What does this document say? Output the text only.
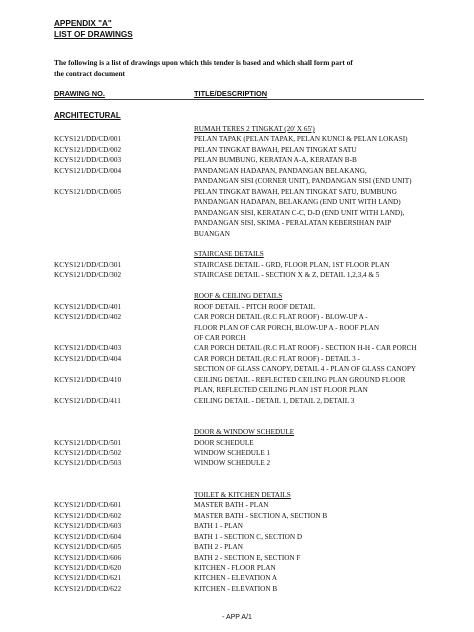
APPENDIX "A"
LIST OF DRAWINGS
The following is a list of drawings upon which this tender is based and which shall form part of the contract document
DRAWING NO.	TITLE/DESCRIPTION
ARCHITECTURAL
RUMAH TERES 2 TINGKAT (20' X 65')
KCYS121/DD/CD/001	PELAN TAPAK (PELAN TAPAK, PELAN KUNCI & PELAN LOKASI)
KCYS121/DD/CD/002	PELAN TINGKAT BAWAH, PELAN TINGKAT SATU
KCYS121/DD/CD/003	PELAN BUMBUNG, KERATAN A-A, KERATAN B-B
KCYS121/DD/CD/004	PANDANGAN HADAPAN, PANDANGAN BELAKANG,
PANDANGAN SISI (CORNER UNIT), PANDANGAN SISI (END UNIT)
KCYS121/DD/CD/005	PELAN TINGKAT BAWAH, PELAN TINGKAT SATU, BUMBUNG
PANDANGAN HADAPAN, BELAKANG (END UNIT WITH LAND)
PANDANGAN SISI, KERATAN C-C, D-D (END UNIT WITH LAND),
PANDANGAN SISI, SKIMA - PERALATAN KEBERSIHAN PAIP
BUANGAN
STAIRCASE DETAILS
KCYS121/DD/CD/301	STAIRCASE DETAIL - GRD, FLOOR PLAN, 1ST FLOOR PLAN
KCYS121/DD/CD/302	STAIRCASE DETAIL - SECTION X & Z, DETAIL 1,2,3,4 & 5
ROOF & CEILING DETAILS
KCYS121/DD/CD/401	ROOF DETAIL - PITCH ROOF DETAIL
KCYS121/DD/CD/402	CAR PORCH DETAIL (R.C FLAT ROOF) - BLOW-UP A -
FLOOR PLAN OF CAR PORCH, BLOW-UP A - ROOF PLAN
OF CAR PORCH
KCYS121/DD/CD/403	CAR PORCH DETAIL (R.C FLAT ROOF) - SECTION H-H - CAR PORCH
KCYS121/DD/CD/404	CAR PORCH DETAIL (R.C FLAT ROOF) - DETAIL 3 -
SECTION OF GLASS CANOPY, DETAIL 4 - PLAN OF GLASS CANOPY
KCYS121/DD/CD/410	CEILING DETAIL - REFLECTED CEILING PLAN GROUND FLOOR
PLAN, REFLECTED CEILING PLAN 1ST FLOOR PLAN
KCYS121/DD/CD/411	CEILING DETAIL - DETAIL 1, DETAIL 2, DETAIL 3
DOOR & WINDOW SCHEDULE
KCYS121/DD/CD/501	DOOR SCHEDULE
KCYS121/DD/CD/502	WINDOW SCHEDULE 1
KCYS121/DD/CD/503	WINDOW SCHEDULE 2
TOILET & KITCHEN DETAILS
KCYS121/DD/CD/601	MASTER BATH - PLAN
KCYS121/DD/CD/602	MASTER BATH - SECTION A, SECTION B
KCYS121/DD/CD/603	BATH 1 - PLAN
KCYS121/DD/CD/604	BATH 1 - SECTION C, SECTION D
KCYS121/DD/CD/605	BATH 2 - PLAN
KCYS121/DD/CD/606	BATH 2 - SECTION E, SECTION F
KCYS121/DD/CD/620	KITCHEN - FLOOR PLAN
KCYS121/DD/CD/621	KITCHEN - ELEVATION A
KCYS121/DD/CD/622	KITCHEN - ELEVATION B
- APP A/1
